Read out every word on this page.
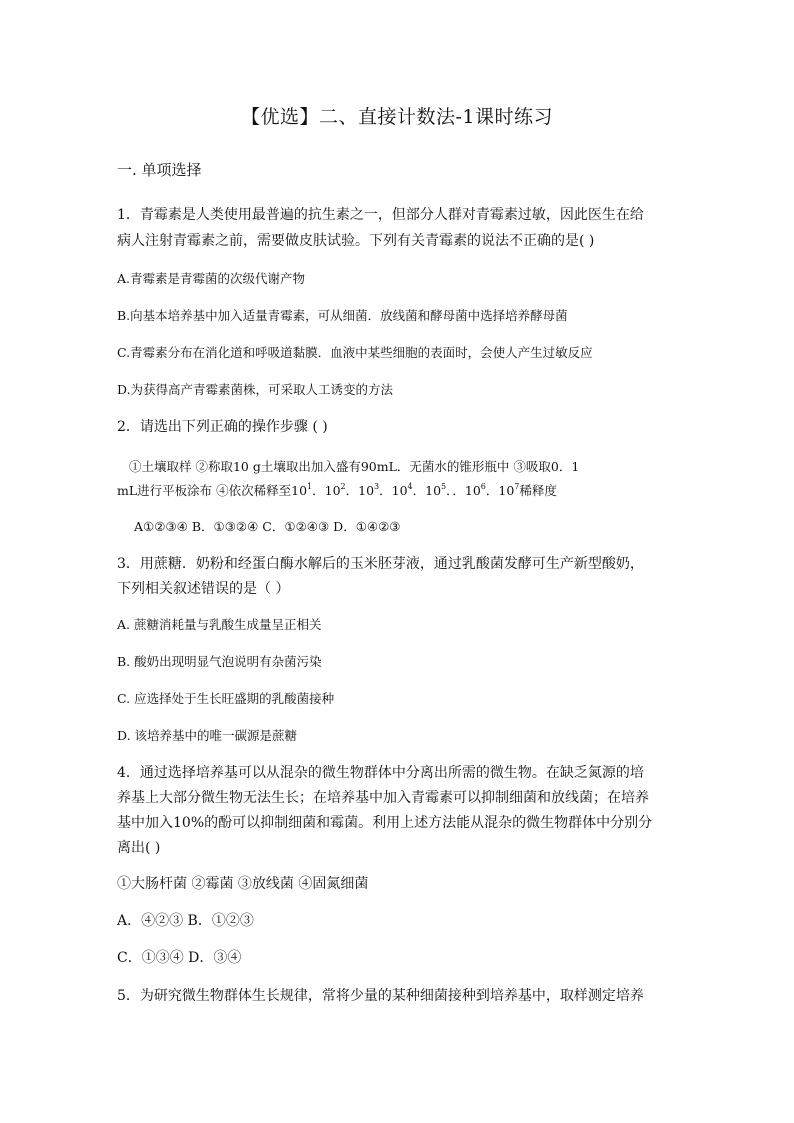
【优选】二、直接计数法-1课时练习
一. 单项选择
1．青霉素是人类使用最普遍的抗生素之一，但部分人群对青霉素过敏，因此医生在给
病人注射青霉素之前，需要做皮肤试验。下列有关青霉素的说法不正确的是( )
A.青霉素是青霉菌的次级代谢产物
B.向基本培养基中加入适量青霉素，可从细菌．放线菌和酵母菌中选择培养酵母菌
C.青霉素分布在消化道和呼吸道黏膜．血液中某些细胞的表面时，会使人产生过敏反应
D.为获得高产青霉素菌株，可采取人工诱变的方法
2．请选出下列正确的操作步骤 ( )
①土壤取样 ②称取10 g土壤取出加入盛有90mL．无菌水的锥形瓶中 ③吸取0．1
mL进行平板涂布 ④依次稀释至$10^1$．$10^2$．$10^3$．$10^4$．$10^5$．．$10^6$．$10^7$稀释度
A①②③④ B．①③②④ C．①②④③ D．①④②③
3．用蔗糖．奶粉和经蛋白酶水解后的玉米胚芽液，通过乳酸菌发酵可生产新型酸奶，
下列相关叙述错误的是（ ）
A. 蔗糖消耗量与乳酸生成量呈正相关
B. 酸奶出现明显气泡说明有杂菌污染
C. 应选择处于生长旺盛期的乳酸菌接种
D. 该培养基中的唯一碳源是蔗糖
4．通过选择培养基可以从混杂的微生物群体中分离出所需的微生物。在缺乏氮源的培
养基上大部分微生物无法生长；在培养基中加入青霉素可以抑制细菌和放线菌；在培养
基中加入10%的酚可以抑制细菌和霉菌。利用上述方法能从混杂的微生物群体中分别分
离出( )
①大肠杆菌 ②霉菌 ③放线菌 ④固氮细菌
A．④②③ B．①②③
C．①③④ D．③④
5．为研究微生物群体生长规律，常将少量的某种细菌接种到培养基中，取样测定培养
